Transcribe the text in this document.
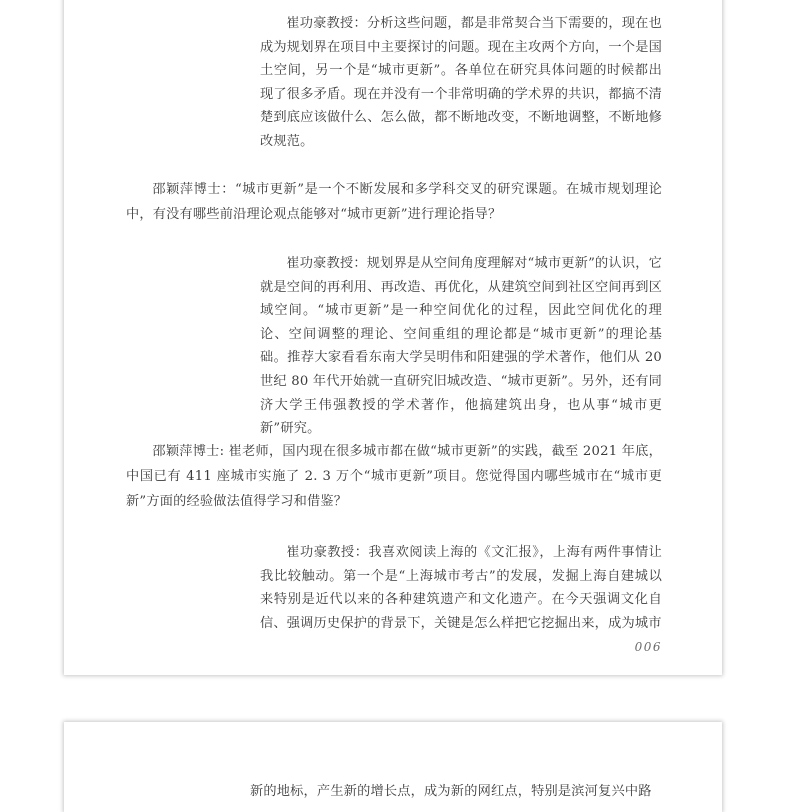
崔功豪教授：分析这些问题，都是非常契合当下需要的，现在也成为规划界在项目中主要探讨的问题。现在主攻两个方向，一个是国土空间，另一个是“城市更新”。各单位在研究具体问题的时候都出现了很多矛盾。现在并没有一个非常明确的学术界的共识，都搞不清楚到底应该做什么、怎么做，都不断地改变，不断地调整，不断地修改规范。

邵颖萍博士：“城市更新”是一个不断发展和多学科交叉的研究课题。在城市规划理论中，有没有哪些前沿理论观点能够对“城市更新”进行理论指导？

崔功豪教授：规划界是从空间角度理解对“城市更新”的认识，它就是空间的再利用、再改造、再优化，从建筑空间到社区空间再到区域空间。“城市更新”是一种空间优化的过程，因此空间优化的理论、空间调整的理论、空间重组的理论都是“城市更新”的理论基础。推荐大家看看东南大学吴明伟和阳建强的学术著作，他们从 20 世纪 80 年代开始就一直研究旧城改造、“城市更新”。另外，还有同济大学王伟强教授的学术著作，他搞建筑出身，也从事“城市更新”研究。

邵颖萍博士: 崔老师，国内现在很多城市都在做“城市更新”的实践，截至 2021 年底，中国已有 411 座城市实施了 2. 3 万个“城市更新”项目。您觉得国内哪些城市在“城市更新”方面的经验做法值得学习和借鉴？

崔功豪教授：我喜欢阅读上海的《文汇报》，上海有两件事情让我比较触动。第一个是“上海城市考古”的发展，发掘上海自建城以来特别是近代以来的各种建筑遗产和文化遗产。在今天强调文化自信、强调历史保护的背景下，关键是怎么样把它挖掘出来，成为城市

006

新的地标，产生新的增长点，成为新的网红点，特别是滨河复兴中路
